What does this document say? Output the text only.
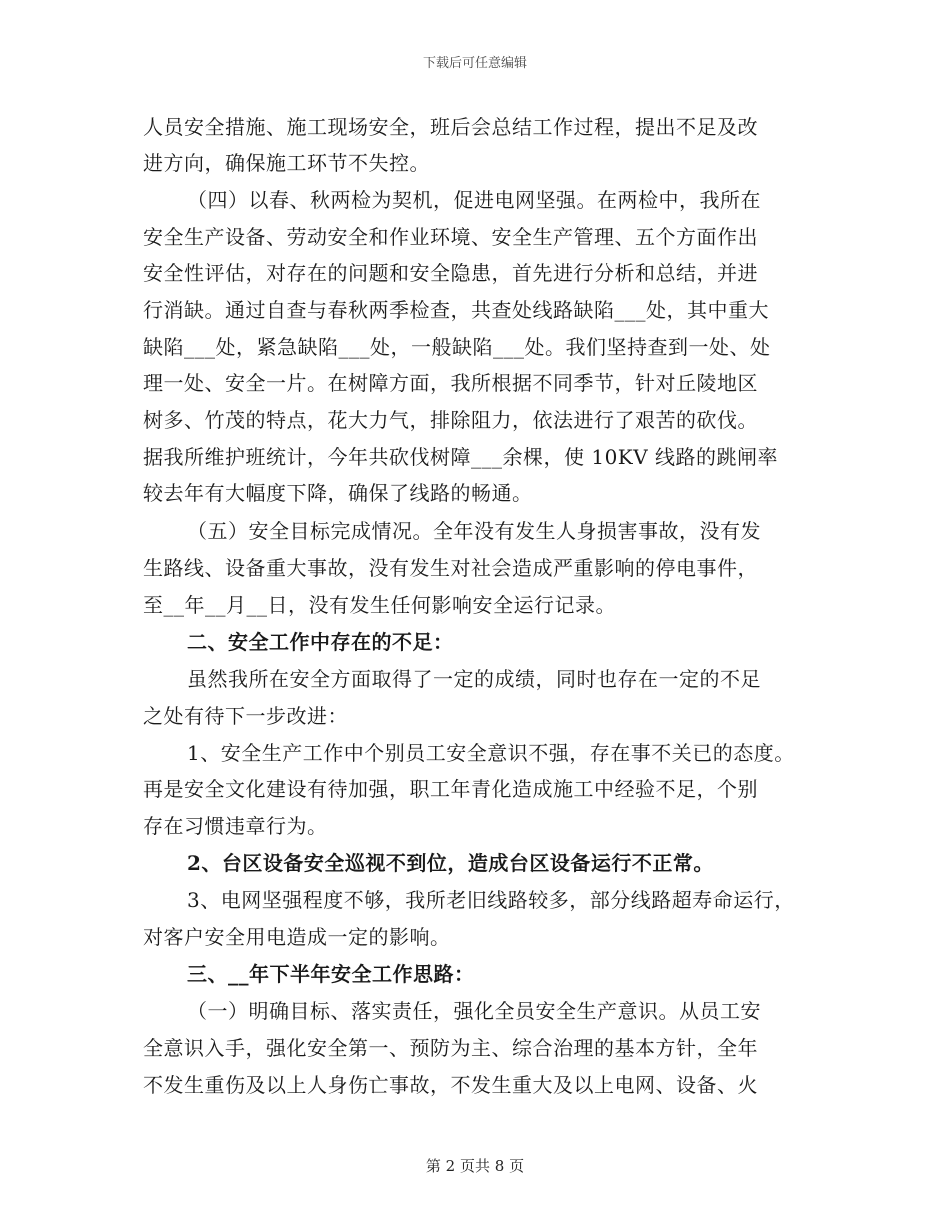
下载后可任意编辑
人员安全措施、施工现场安全，班后会总结工作过程，提出不足及改
进方向，确保施工环节不失控。
（四）以春、秋两检为契机，促进电网坚强。在两检中，我所在
安全生产设备、劳动安全和作业环境、安全生产管理、五个方面作出
安全性评估，对存在的问题和安全隐患，首先进行分析和总结，并进
行消缺。通过自查与春秋两季检查，共查处线路缺陷___处，其中重大
缺陷___处，紧急缺陷___处，一般缺陷___处。我们坚持查到一处、处
理一处、安全一片。在树障方面，我所根据不同季节，针对丘陵地区
树多、竹茂的特点，花大力气，排除阻力，依法进行了艰苦的砍伐。
据我所维护班统计，今年共砍伐树障___余棵，使 10KV 线路的跳闸率
较去年有大幅度下降，确保了线路的畅通。
（五）安全目标完成情况。全年没有发生人身损害事故，没有发
生路线、设备重大事故，没有发生对社会造成严重影响的停电事件，
至__年__月__日，没有发生任何影响安全运行记录。
二、安全工作中存在的不足：
虽然我所在安全方面取得了一定的成绩，同时也存在一定的不足
之处有待下一步改进：
1、安全生产工作中个别员工安全意识不强，存在事不关已的态度。
再是安全文化建设有待加强，职工年青化造成施工中经验不足，个别
存在习惯违章行为。
2、台区设备安全巡视不到位，造成台区设备运行不正常。
3、电网坚强程度不够，我所老旧线路较多，部分线路超寿命运行，
对客户安全用电造成一定的影响。
三、__年下半年安全工作思路：
（一）明确目标、落实责任，强化全员安全生产意识。从员工安
全意识入手，强化安全第一、预防为主、综合治理的基本方针，全年
不发生重伤及以上人身伤亡事故，不发生重大及以上电网、设备、火
第 2 页共 8 页
